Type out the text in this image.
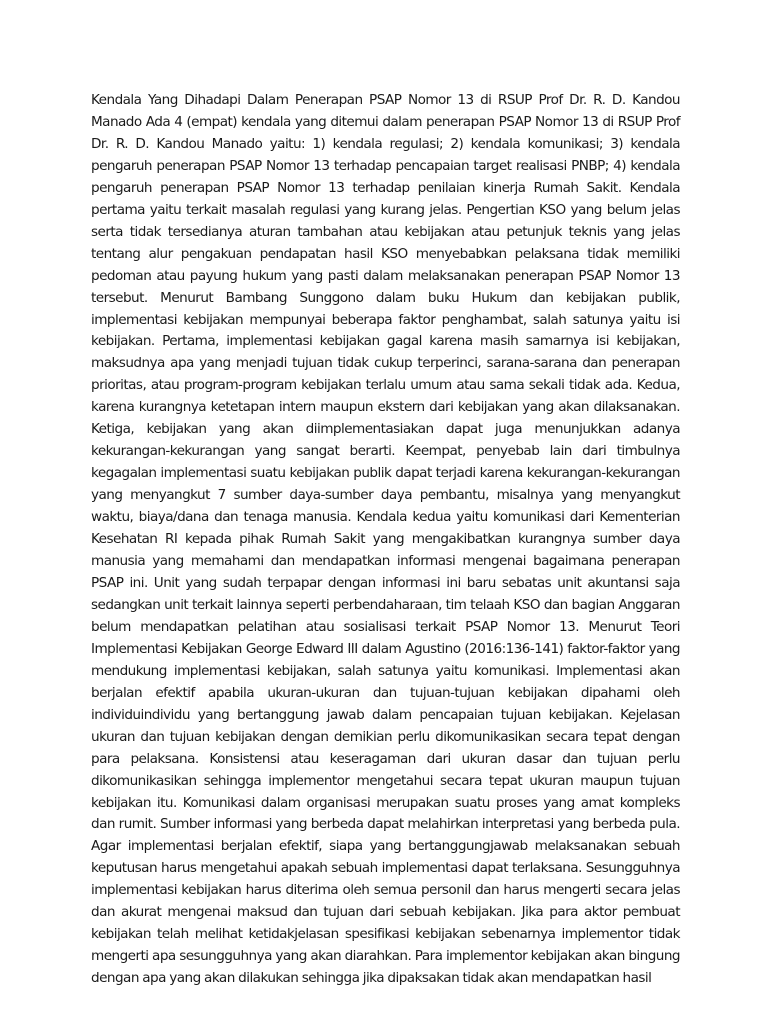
Kendala Yang Dihadapi Dalam Penerapan PSAP Nomor 13 di RSUP Prof Dr. R. D. Kandou Manado Ada 4 (empat) kendala yang ditemui dalam penerapan PSAP Nomor 13 di RSUP Prof Dr. R. D. Kandou Manado yaitu: 1) kendala regulasi; 2) kendala komunikasi; 3) kendala pengaruh penerapan PSAP Nomor 13 terhadap pencapaian target realisasi PNBP; 4) kendala pengaruh penerapan PSAP Nomor 13 terhadap penilaian kinerja Rumah Sakit. Kendala pertama yaitu terkait masalah regulasi yang kurang jelas. Pengertian KSO yang belum jelas serta tidak tersedianya aturan tambahan atau kebijakan atau petunjuk teknis yang jelas tentang alur pengakuan pendapatan hasil KSO menyebabkan pelaksana tidak memiliki pedoman atau payung hukum yang pasti dalam melaksanakan penerapan PSAP Nomor 13 tersebut. Menurut Bambang Sunggono dalam buku Hukum dan kebijakan publik, implementasi kebijakan mempunyai beberapa faktor penghambat, salah satunya yaitu isi kebijakan. Pertama, implementasi kebijakan gagal karena masih samarnya isi kebijakan, maksudnya apa yang menjadi tujuan tidak cukup terperinci, sarana-sarana dan penerapan prioritas, atau program-program kebijakan terlalu umum atau sama sekali tidak ada. Kedua, karena kurangnya ketetapan intern maupun ekstern dari kebijakan yang akan dilaksanakan. Ketiga, kebijakan yang akan diimplementasiakan dapat juga menunjukkan adanya kekurangan-kekurangan yang sangat berarti. Keempat, penyebab lain dari timbulnya kegagalan implementasi suatu kebijakan publik dapat terjadi karena kekurangan-kekurangan yang menyangkut 7 sumber daya-sumber daya pembantu, misalnya yang menyangkut waktu, biaya/dana dan tenaga manusia. Kendala kedua yaitu komunikasi dari Kementerian Kesehatan RI kepada pihak Rumah Sakit yang mengakibatkan kurangnya sumber daya manusia yang memahami dan mendapatkan informasi mengenai bagaimana penerapan PSAP ini. Unit yang sudah terpapar dengan informasi ini baru sebatas unit akuntansi saja sedangkan unit terkait lainnya seperti perbendaharaan, tim telaah KSO dan bagian Anggaran belum mendapatkan pelatihan atau sosialisasi terkait PSAP Nomor 13. Menurut Teori Implementasi Kebijakan George Edward III dalam Agustino (2016:136-141) faktor-faktor yang mendukung implementasi kebijakan, salah satunya yaitu komunikasi. Implementasi akan berjalan efektif apabila ukuran-ukuran dan tujuan-tujuan kebijakan dipahami oleh individuindividu yang bertanggung jawab dalam pencapaian tujuan kebijakan. Kejelasan ukuran dan tujuan kebijakan dengan demikian perlu dikomunikasikan secara tepat dengan para pelaksana. Konsistensi atau keseragaman dari ukuran dasar dan tujuan perlu dikomunikasikan sehingga implementor mengetahui secara tepat ukuran maupun tujuan kebijakan itu. Komunikasi dalam organisasi merupakan suatu proses yang amat kompleks dan rumit. Sumber informasi yang berbeda dapat melahirkan interpretasi yang berbeda pula. Agar implementasi berjalan efektif, siapa yang bertanggungjawab melaksanakan sebuah keputusan harus mengetahui apakah sebuah implementasi dapat terlaksana. Sesungguhnya implementasi kebijakan harus diterima oleh semua personil dan harus mengerti secara jelas dan akurat mengenai maksud dan tujuan dari sebuah kebijakan. Jika para aktor pembuat kebijakan telah melihat ketidakjelasan spesifikasi kebijakan sebenarnya implementor tidak mengerti apa sesungguhnya yang akan diarahkan. Para implementor kebijakan akan bingung dengan apa yang akan dilakukan sehingga jika dipaksakan tidak akan mendapatkan hasil
